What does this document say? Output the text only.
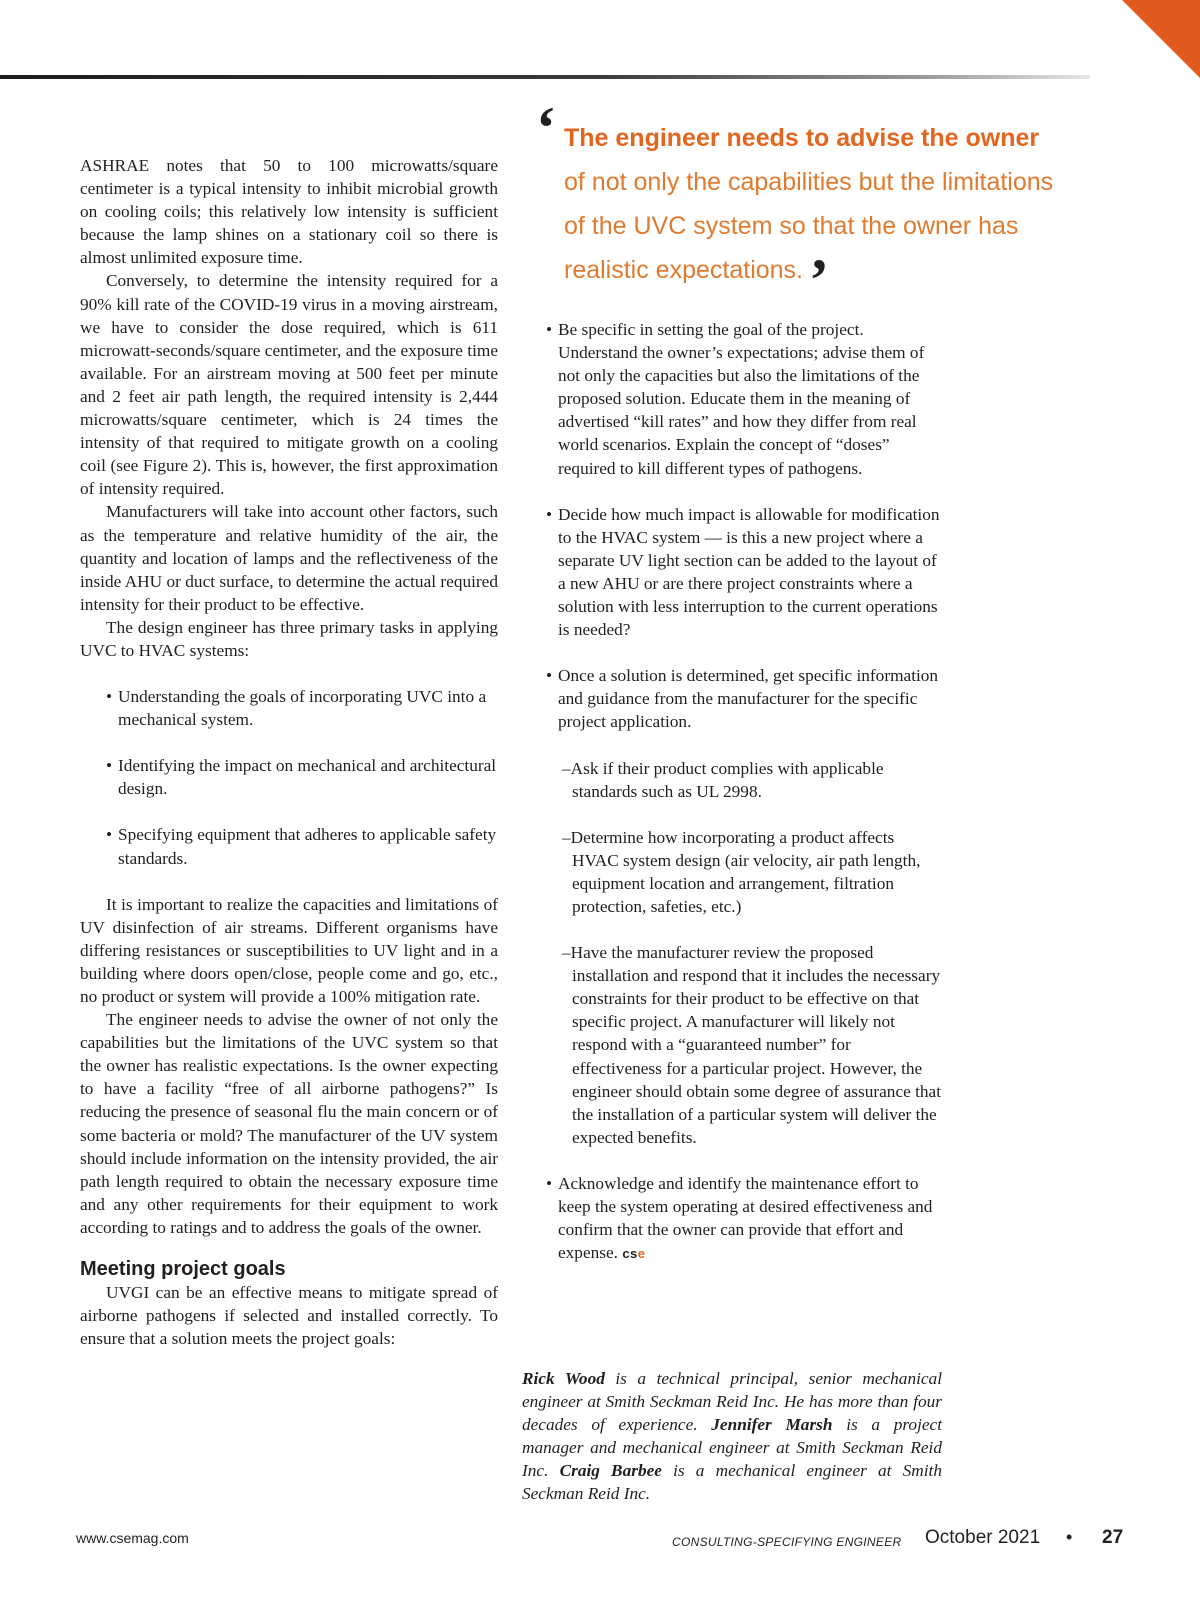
‘ The engineer needs to advise the owner
of not only the capabilities but the limitations
of the UVC system so that the owner has
realistic expectations. ’

ASHRAE notes that 50 to 100 microwatts/square centimeter is a typical intensity to inhibit microbial growth on cooling coils; this relatively low intensity is sufficient because the lamp shines on a stationary coil so there is almost unlimited exposure time.

Conversely, to determine the intensity required for a 90% kill rate of the COVID-19 virus in a moving airstream, we have to consider the dose required, which is 611 microwatt-seconds/square centimeter, and the exposure time available. For an airstream moving at 500 feet per minute and 2 feet air path length, the required intensity is 2,444 microwatts/square centimeter, which is 24 times the intensity of that required to mitigate growth on a cooling coil (see Figure 2). This is, however, the first approximation of intensity required.

Manufacturers will take into account other factors, such as the temperature and relative humidity of the air, the quantity and location of lamps and the reflectiveness of the inside AHU or duct surface, to determine the actual required intensity for their product to be effective.

The design engineer has three primary tasks in applying UVC to HVAC systems:

• Understanding the goals of incorporating UVC into a mechanical system.
• Identifying the impact on mechanical and architectural design.
• Specifying equipment that adheres to applicable safety standards.

It is important to realize the capacities and limitations of UV disinfection of air streams. Different organisms have differing resistances or susceptibilities to UV light and in a building where doors open/close, people come and go, etc., no product or system will provide a 100% mitigation rate.

The engineer needs to advise the owner of not only the capabilities but the limitations of the UVC system so that the owner has realistic expectations. Is the owner expecting to have a facility “free of all airborne pathogens?” Is reducing the presence of seasonal flu the main concern or of some bacteria or mold? The manufacturer of the UV system should include information on the intensity provided, the air path length required to obtain the necessary exposure time and any other requirements for their equipment to work according to ratings and to address the goals of the owner.

Meeting project goals

UVGI can be an effective means to mitigate spread of airborne pathogens if selected and installed correctly. To ensure that a solution meets the project goals:

• Be specific in setting the goal of the project. Understand the owner’s expectations; advise them of not only the capacities but also the limitations of the proposed solution. Educate them in the meaning of advertised “kill rates” and how they differ from real world scenarios. Explain the concept of “doses” required to kill different types of pathogens.
• Decide how much impact is allowable for modification to the HVAC system — is this a new project where a separate UV light section can be added to the layout of a new AHU or are there project constraints where a solution with less interruption to the current operations is needed?
• Once a solution is determined, get specific information and guidance from the manufacturer for the specific project application.
–Ask if their product complies with applicable standards such as UL 2998.
–Determine how incorporating a product affects HVAC system design (air velocity, air path length, equipment location and arrangement, filtration protection, safeties, etc.)
–Have the manufacturer review the proposed installation and respond that it includes the necessary constraints for their product to be effective on that specific project. A manufacturer will likely not respond with a “guaranteed number” for effectiveness for a particular project. However, the engineer should obtain some degree of assurance that the installation of a particular system will deliver the expected benefits.
• Acknowledge and identify the maintenance effort to keep the system operating at desired effectiveness and confirm that the owner can provide that effort and expense. cse
Rick Wood is a technical principal, senior mechanical engineer at Smith Seckman Reid Inc. He has more than four decades of experience. Jennifer Marsh is a project manager and mechanical engineer at Smith Seckman Reid Inc. Craig Barbee is a mechanical engineer at Smith Seckman Reid Inc.
www.csemag.com	CONSULTING-SPECIFYING ENGINEER October 2021 • 27
